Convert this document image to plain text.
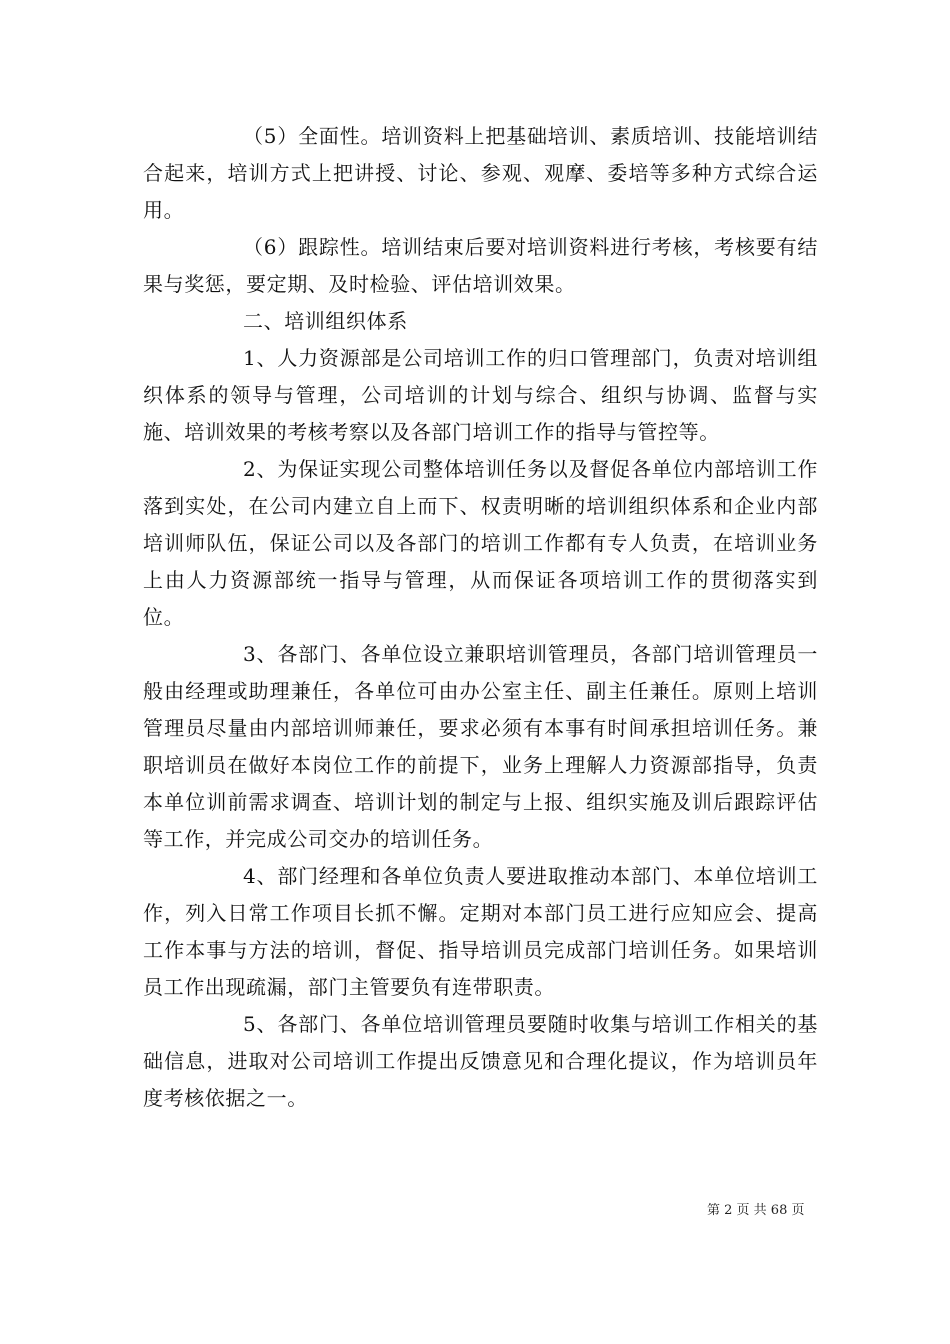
（5）全面性。培训资料上把基础培训、素质培训、技能培训结合起来，培训方式上把讲授、讨论、参观、观摩、委培等多种方式综合运用。

（6）跟踪性。培训结束后要对培训资料进行考核，考核要有结果与奖惩，要定期、及时检验、评估培训效果。

二、培训组织体系

1、人力资源部是公司培训工作的归口管理部门，负责对培训组织体系的领导与管理，公司培训的计划与综合、组织与协调、监督与实施、培训效果的考核考察以及各部门培训工作的指导与管控等。

2、为保证实现公司整体培训任务以及督促各单位内部培训工作落到实处，在公司内建立自上而下、权责明晰的培训组织体系和企业内部培训师队伍，保证公司以及各部门的培训工作都有专人负责，在培训业务上由人力资源部统一指导与管理，从而保证各项培训工作的贯彻落实到位。

3、各部门、各单位设立兼职培训管理员，各部门培训管理员一般由经理或助理兼任，各单位可由办公室主任、副主任兼任。原则上培训管理员尽量由内部培训师兼任，要求必须有本事有时间承担培训任务。兼职培训员在做好本岗位工作的前提下，业务上理解人力资源部指导，负责本单位训前需求调查、培训计划的制定与上报、组织实施及训后跟踪评估等工作，并完成公司交办的培训任务。

4、部门经理和各单位负责人要进取推动本部门、本单位培训工作，列入日常工作项目长抓不懈。定期对本部门员工进行应知应会、提高工作本事与方法的培训，督促、指导培训员完成部门培训任务。如果培训员工作出现疏漏，部门主管要负有连带职责。

5、各部门、各单位培训管理员要随时收集与培训工作相关的基础信息，进取对公司培训工作提出反馈意见和合理化提议，作为培训员年度考核依据之一。

第 2 页 共 68 页
